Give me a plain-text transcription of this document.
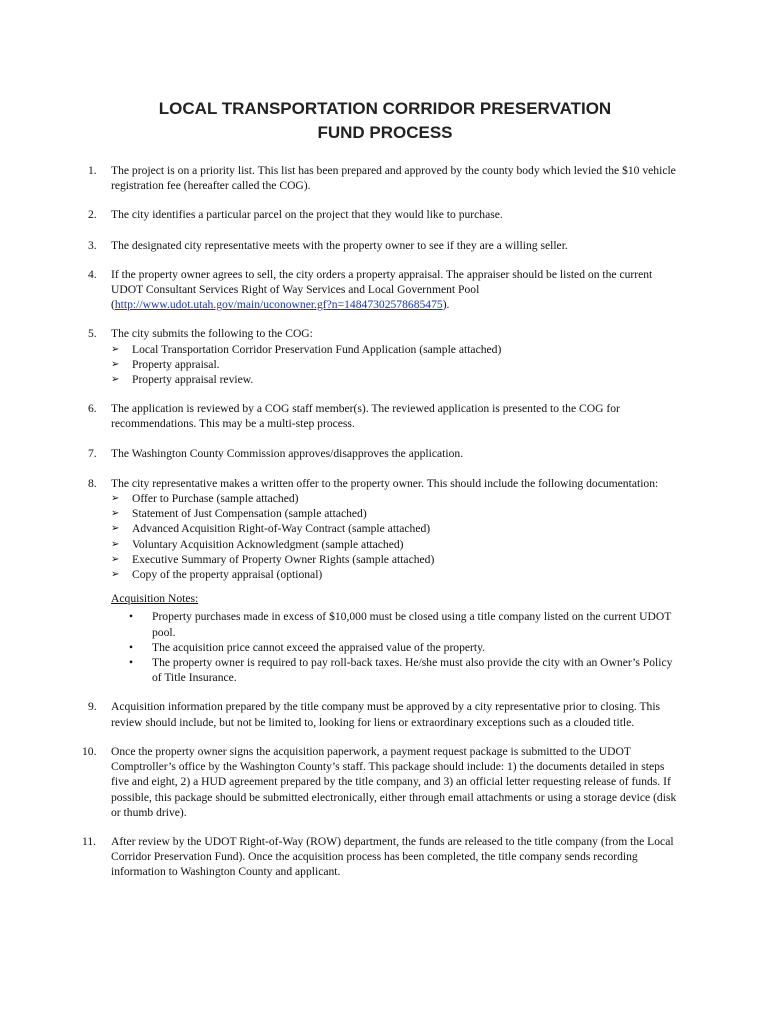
LOCAL TRANSPORTATION CORRIDOR PRESERVATION
FUND PROCESS
1. The project is on a priority list. This list has been prepared and approved by the county body which levied the $10 vehicle registration fee (hereafter called the COG).

2. The city identifies a particular parcel on the project that they would like to purchase.

3. The designated city representative meets with the property owner to see if they are a willing seller.

4. If the property owner agrees to sell, the city orders a property appraisal. The appraiser should be listed on the current UDOT Consultant Services Right of Way Services and Local Government Pool (http://www.udot.utah.gov/main/uconowner.gf?n=14847302578685475).

5. The city submits the following to the COG:

➢ Local Transportation Corridor Preservation Fund Application (sample attached)
➢ Property appraisal.
➢ Property appraisal review.
6. The application is reviewed by a COG staff member(s). The reviewed application is presented to the COG for recommendations. This may be a multi-step process.

7. The Washington County Commission approves/disapproves the application.

8. The city representative makes a written offer to the property owner. This should include the following documentation:

➢ Offer to Purchase (sample attached)
➢ Statement of Just Compensation (sample attached)
➢ Advanced Acquisition Right-of-Way Contract (sample attached)
➢ Voluntary Acquisition Acknowledgment (sample attached)
➢ Executive Summary of Property Owner Rights (sample attached)
➢ Copy of the property appraisal (optional)
Acquisition Notes:
• Property purchases made in excess of $10,000 must be closed using a title company listed on the current UDOT pool.
• The acquisition price cannot exceed the appraised value of the property.
• The property owner is required to pay roll-back taxes. He/she must also provide the city with an Owner’s Policy of Title Insurance.
9. Acquisition information prepared by the title company must be approved by a city representative prior to closing. This review should include, but not be limited to, looking for liens or extraordinary exceptions such as a clouded title.

10. Once the property owner signs the acquisition paperwork, a payment request package is submitted to the UDOT Comptroller’s office by the Washington County’s staff. This package should include: 1) the documents detailed in steps five and eight, 2) a HUD agreement prepared by the title company, and 3) an official letter requesting release of funds. If possible, this package should be submitted electronically, either through email attachments or using a storage device (disk or thumb drive).

11. After review by the UDOT Right-of-Way (ROW) department, the funds are released to the title company (from the Local Corridor Preservation Fund). Once the acquisition process has been completed, the title company sends recording information to Washington County and applicant.
